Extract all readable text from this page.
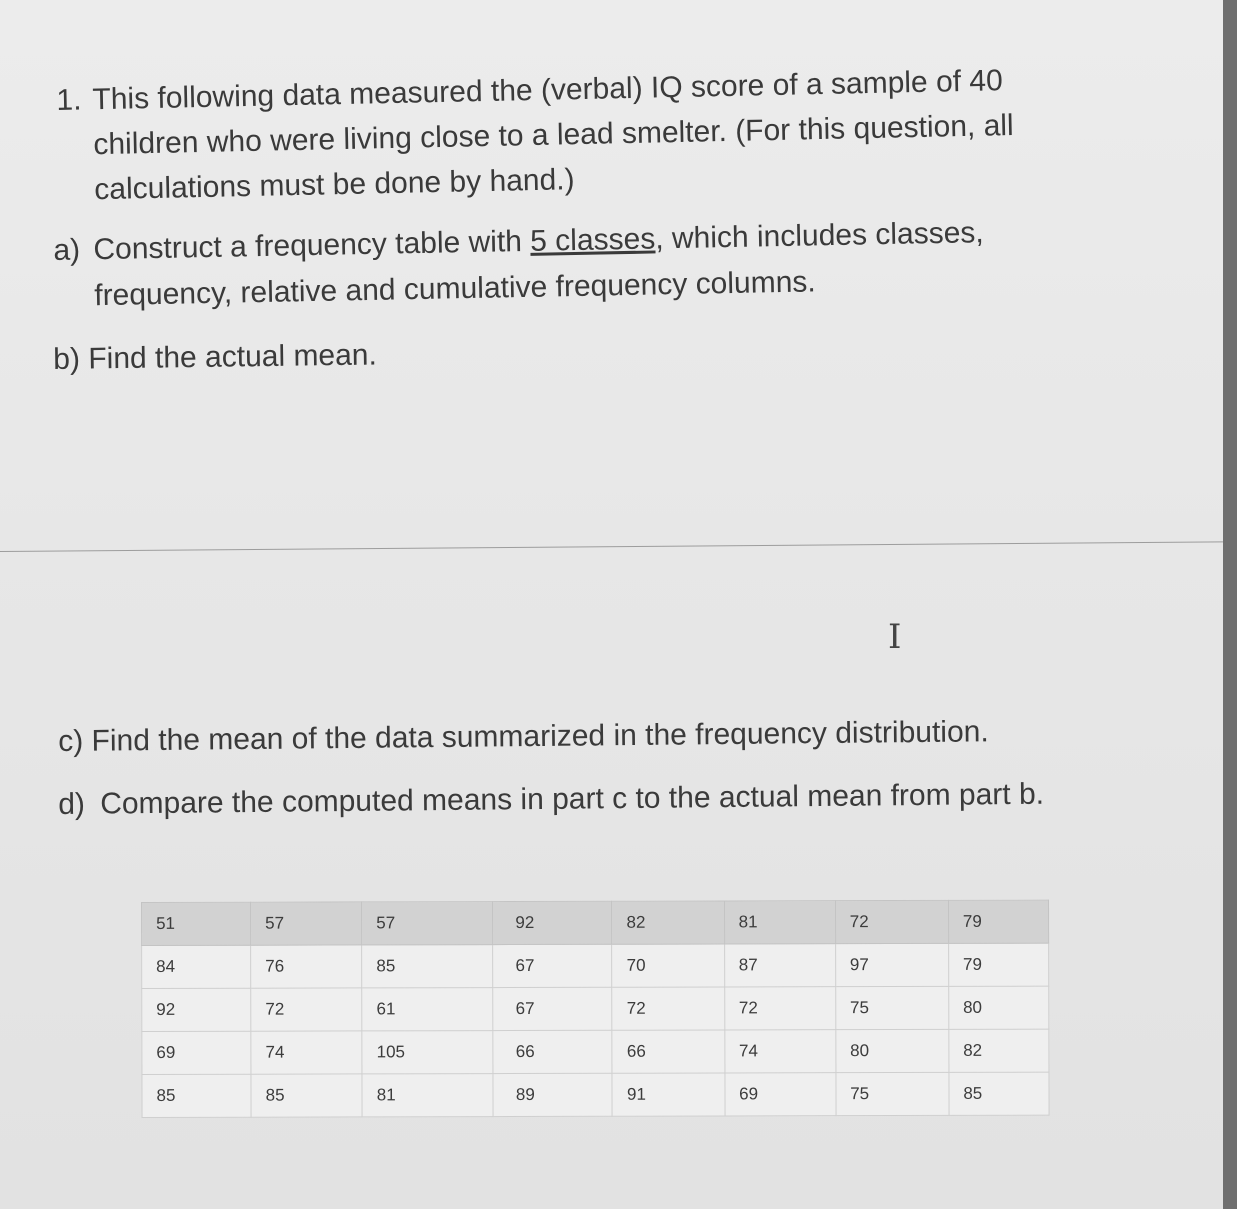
1. This following data measured the (verbal) IQ score of a sample of 40 children who were living close to a lead smelter. (For this question, all calculations must be done by hand.)
a) Construct a frequency table with 5 classes, which includes classes, frequency, relative and cumulative frequency columns.
b) Find the actual mean.
I
c) Find the mean of the data summarized in the frequency distribution.
d) Compare the computed means in part c to the actual mean from part b.
51	57	57	92	82	81	72	79
84	76	85	67	70	87	97	79
92	72	61	67	72	72	75	80
69	74	105	66	66	74	80	82
85	85	81	89	91	69	75	85
